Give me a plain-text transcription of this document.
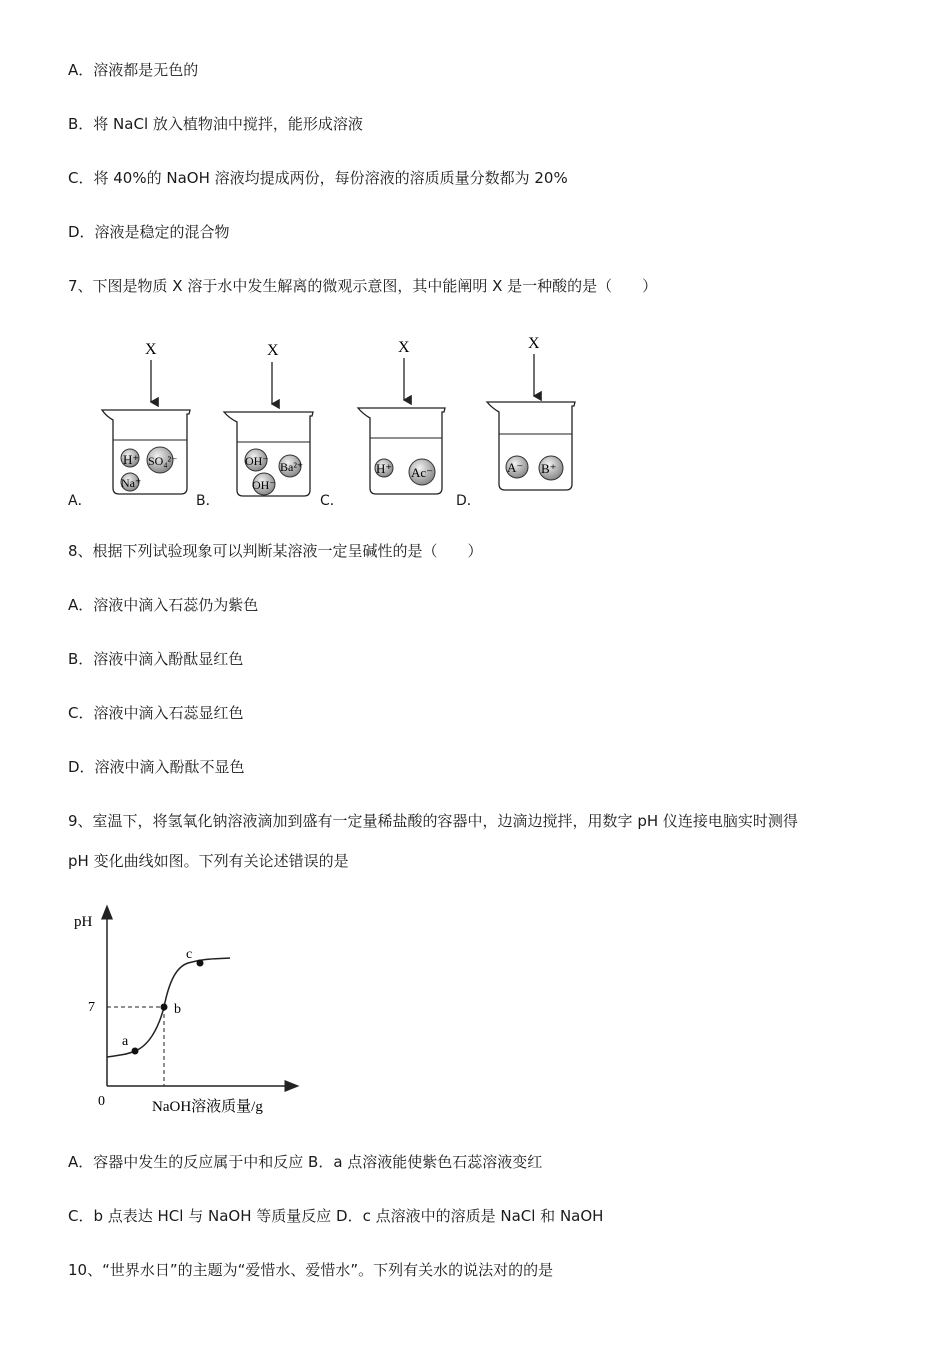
A．溶液都是无色的
B．将 NaCl 放入植物油中搅拌，能形成溶液
C．将 40%的 NaOH 溶液均提成两份，每份溶液的溶质质量分数都为 20%
D．溶液是稳定的混合物
7、下图是物质 X 溶于水中发生解离的微观示意图，其中能阐明 X 是一种酸的是（　　）
A．	B．	C．	D．
X
H⁺ SO₄²⁻
Na⁺
X
OH⁻ Ba²⁺
OH⁻
X
H⁺ Ac⁻
X
A⁻ B⁺
8、根据下列试验现象可以判断某溶液一定呈碱性的是（　　）
A．溶液中滴入石蕊仍为紫色
B．溶液中滴入酚酞显红色
C．溶液中滴入石蕊显红色
D．溶液中滴入酚酞不显色
9、室温下，将氢氧化钠溶液滴加到盛有一定量稀盐酸的容器中，边滴边搅拌，用数字 pH 仪连接电脑实时测得
pH 变化曲线如图。下列有关论述错误的是
pH
0	NaOH溶液质量/g
7
a
b
c
A．容器中发生的反应属于中和反应 B．a 点溶液能使紫色石蕊溶液变红
C．b 点表达 HCl 与 NaOH 等质量反应 D．c 点溶液中的溶质是 NaCl 和 NaOH
10、“世界水日”的主题为“爱惜水、爱惜水”。下列有关水的说法对的的是
